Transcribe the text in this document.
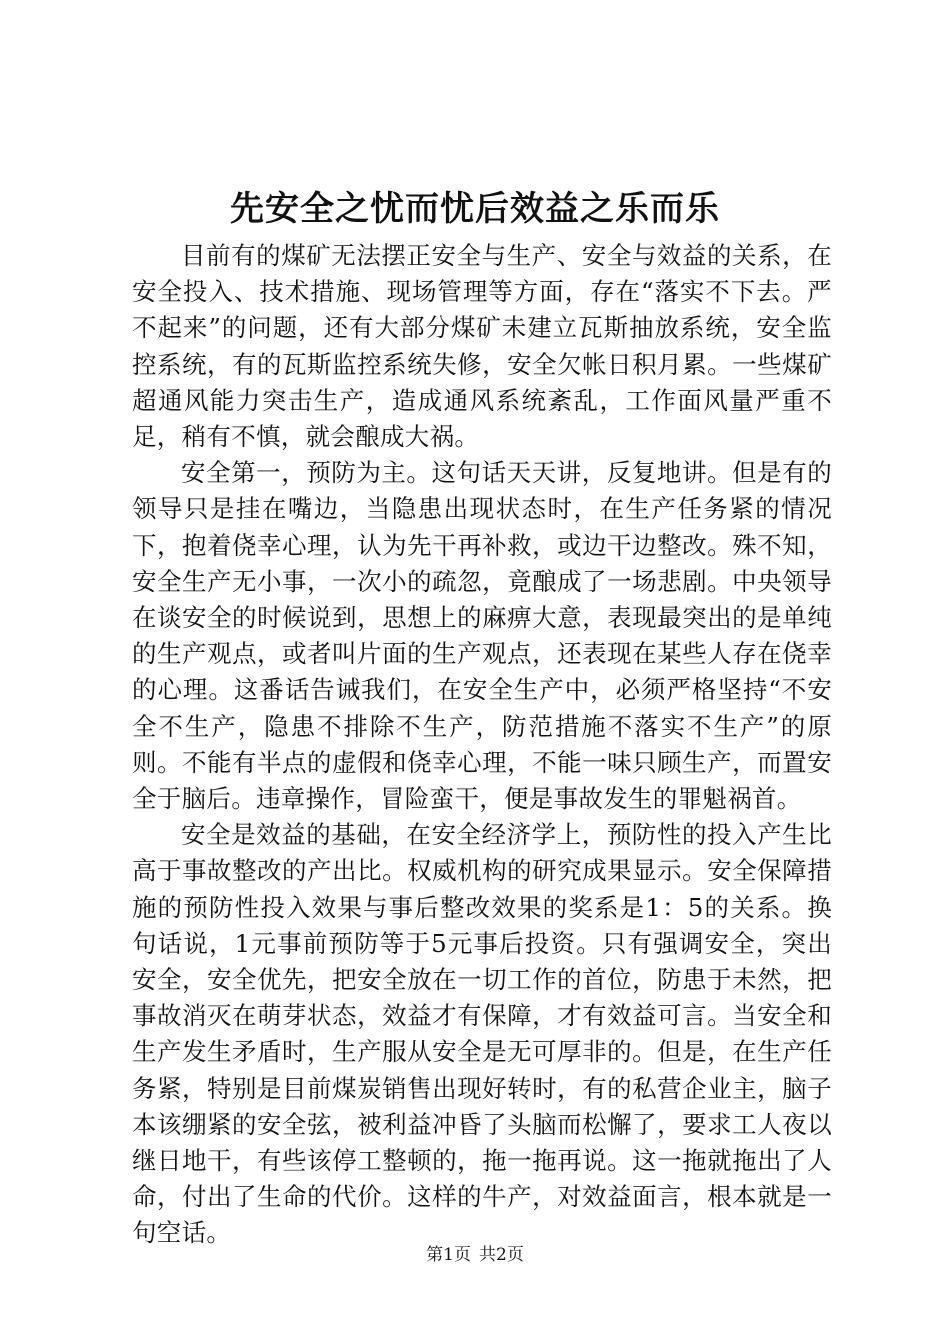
先安全之忧而忧后效益之乐而乐

目前有的煤矿无法摆正安全与生产、安全与效益的关系，在安全投入、技术措施、现场管理等方面，存在“落实不下去。严不起来”的问题，还有大部分煤矿未建立瓦斯抽放系统，安全监控系统，有的瓦斯监控系统失修，安全欠帐日积月累。一些煤矿超通风能力突击生产，造成通风系统紊乱，工作面风量严重不足，稍有不慎，就会酿成大祸。

安全第一，预防为主。这句话天天讲，反复地讲。但是有的领导只是挂在嘴边，当隐患出现状态时，在生产任务紧的情况下，抱着侥幸心理，认为先干再补救，或边干边整改。殊不知，安全生产无小事，一次小的疏忽，竟酿成了一场悲剧。中央领导在谈安全的时候说到，思想上的麻痹大意，表现最突出的是单纯的生产观点，或者叫片面的生产观点，还表现在某些人存在侥幸的心理。这番话告诫我们，在安全生产中，必须严格坚持“不安全不生产，隐患不排除不生产，防范措施不落实不生产”的原则。不能有半点的虚假和侥幸心理，不能一味只顾生产，而置安全于脑后。违章操作，冒险蛮干，便是事故发生的罪魁祸首。

安全是效益的基础，在安全经济学上，预防性的投入产生比高于事故整改的产出比。权威机构的研究成果显示。安全保障措施的预防性投入效果与事后整改效果的奖系是1：5的关系。换句话说，1元事前预防等于5元事后投资。只有强调安全，突出安全，安全优先，把安全放在一切工作的首位，防患于未然，把事故消灭在萌芽状态，效益才有保障，才有效益可言。当安全和生产发生矛盾时，生产服从安全是无可厚非的。但是，在生产任务紧，特别是目前煤炭销售出现好转时，有的私营企业主，脑子本该绷紧的安全弦，被利益冲昏了头脑而松懈了，要求工人夜以继日地干，有些该停工整顿的，拖一拖再说。这一拖就拖出了人命，付出了生命的代价。这样的牛产，对效益面言，根本就是一句空话。

第1页 共2页
